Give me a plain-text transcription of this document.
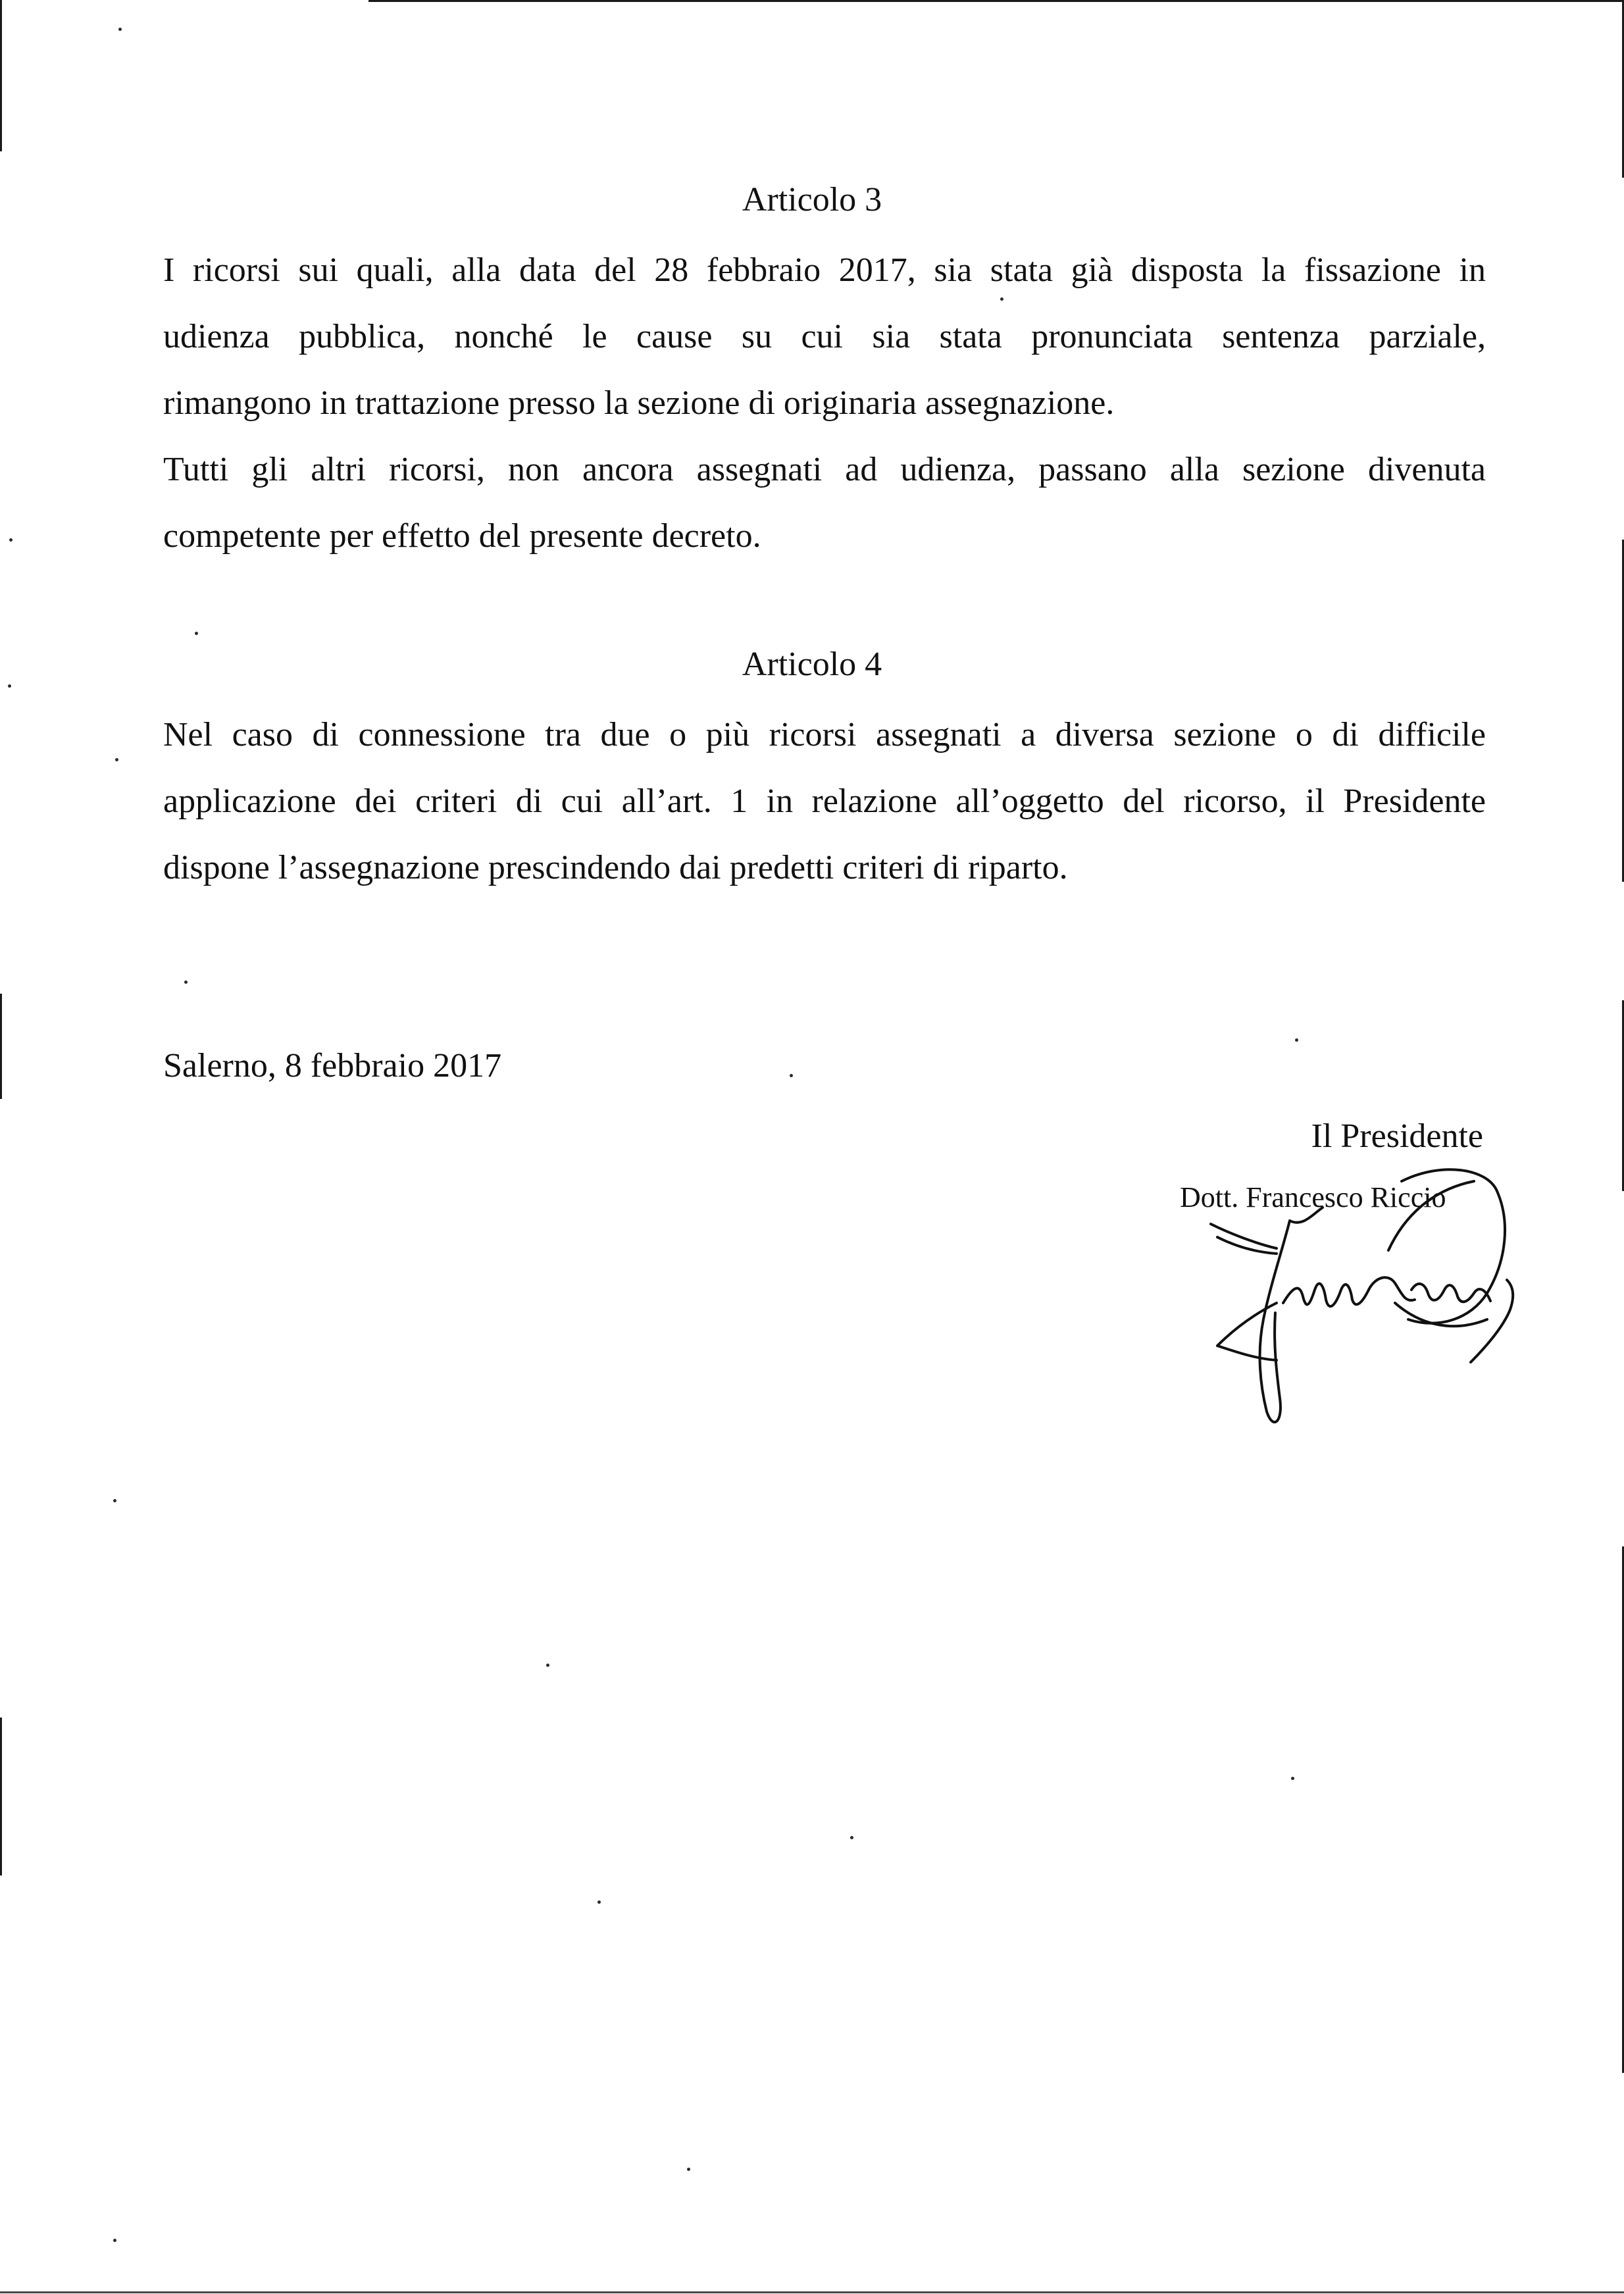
Articolo 3
I ricorsi sui quali, alla data del 28 febbraio 2017, sia stata già disposta la fissazione in
udienza pubblica, nonché le cause su cui sia stata pronunciata sentenza parziale,
rimangono in trattazione presso la sezione di originaria assegnazione.
Tutti gli altri ricorsi, non ancora assegnati ad udienza, passano alla sezione divenuta
competente per effetto del presente decreto.
Articolo 4
Nel caso di connessione tra due o più ricorsi assegnati a diversa sezione o di difficile
applicazione dei criteri di cui all’art. 1 in relazione all’oggetto del ricorso, il Presidente
dispone l’assegnazione prescindendo dai predetti criteri di riparto.
Salerno, 8 febbraio 2017
Il Presidente
Dott. Francesco Riccio
